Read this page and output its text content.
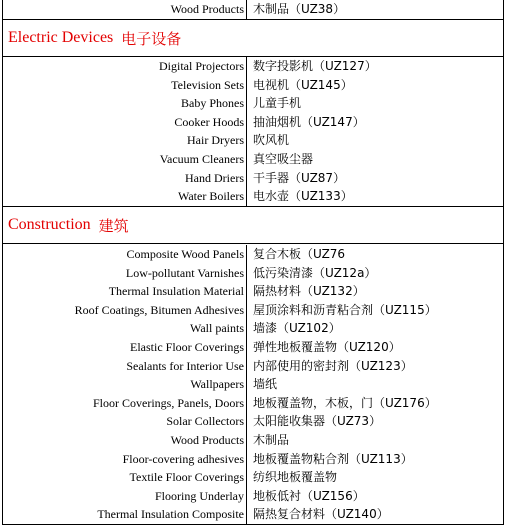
Wood Products 木制品（UZ38）
Electric Devices 电子设备
Digital Projectors 数字投影机（UZ127）
Television Sets 电视机（UZ145）
Baby Phones 儿童手机
Cooker Hoods 抽油烟机（UZ147）
Hair Dryers 吹风机
Vacuum Cleaners 真空吸尘器
Hand Driers 干手器（UZ87）
Water Boilers 电水壶（UZ133）
Construction 建筑
Composite Wood Panels 复合木板（UZ76
Low-pollutant Varnishes 低污染清漆（UZ12a）
Thermal Insulation Material 隔热材料（UZ132）
Roof Coatings, Bitumen Adhesives 屋顶涂料和沥青粘合剂（UZ115）
Wall paints 墙漆（UZ102）
Elastic Floor Coverings 弹性地板覆盖物（UZ120）
Sealants for Interior Use 内部使用的密封剂（UZ123）
Wallpapers 墙纸
Floor Coverings, Panels, Doors 地板覆盖物，木板，门（UZ176）
Solar Collectors 太阳能收集器（UZ73）
Wood Products 木制品
Floor-covering adhesives 地板覆盖物粘合剂（UZ113）
Textile Floor Coverings 纺织地板覆盖物
Flooring Underlay 地板低衬（UZ156）
Thermal Insulation Composite 隔热复合材料（UZ140）
